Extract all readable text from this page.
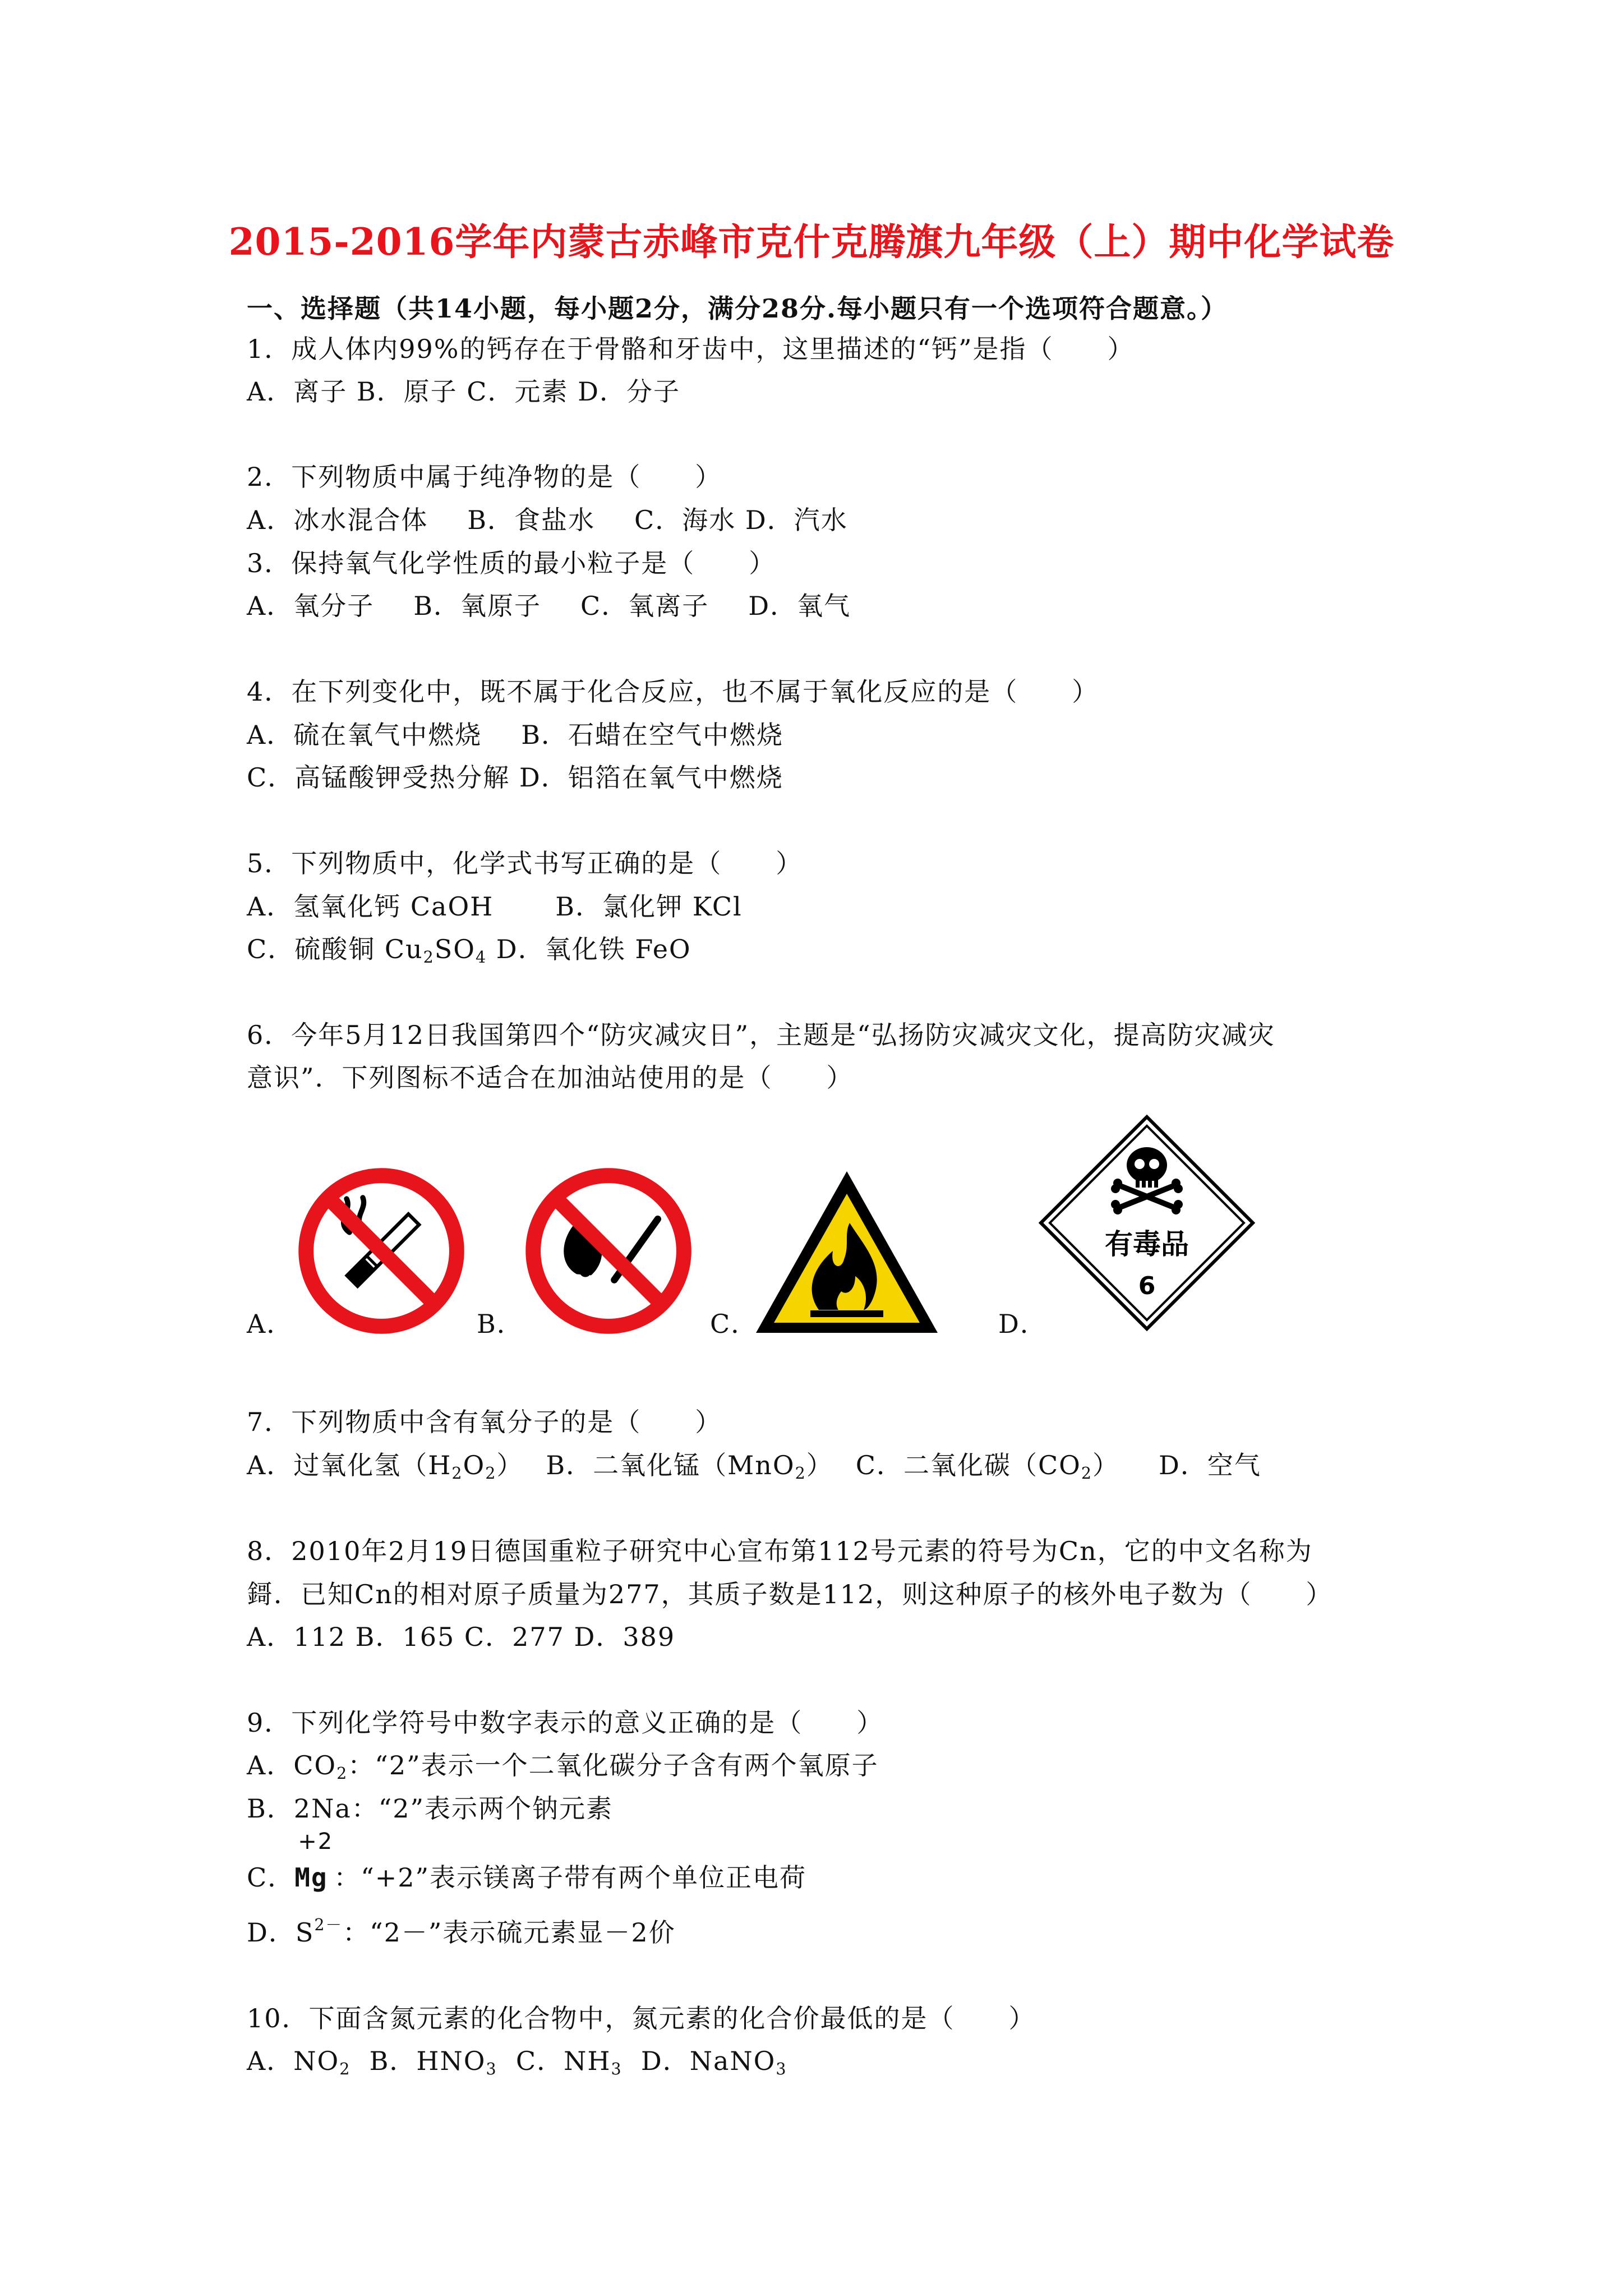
2015-2016学年内蒙古赤峰市克什克腾旗九年级（上）期中化学试卷
一、选择题（共14小题，每小题2分，满分28分.每小题只有一个选项符合题意。）
1．成人体内99%的钙存在于骨骼和牙齿中，这里描述的“钙”是指（　　）
A．离子 B．原子 C．元素 D．分子
2．下列物质中属于纯净物的是（　　）
A．冰水混合体 B．食盐水 C．海水 D．汽水
3．保持氧气化学性质的最小粒子是（　　）
A．氧分子 B．氧原子 C．氧离子 D．氧气
4．在下列变化中，既不属于化合反应，也不属于氧化反应的是（　　）
A．硫在氧气中燃烧 B．石蜡在空气中燃烧
C．高锰酸钾受热分解 D．铝箔在氧气中燃烧
5．下列物质中，化学式书写正确的是（　　）
A．氢氧化钙 CaOH B．氯化钾 KCl
C．硫酸铜 $Cu_2SO_4$ D．氧化铁 FeO
6．今年5月12日我国第四个“防灾减灾日”，主题是“弘扬防灾减灾文化，提高防灾减灾
意识”．下列图标不适合在加油站使用的是（　　）
A．	B．	C．	D．
有毒品
6
7．下列物质中含有氧分子的是（　　）
A．过氧化氢$(H_2O_2)$ B．二氧化锰（MnO$_2$） C．二氧化碳$(CO_2)$ D．空气
8．2010年2月19日德国重粒子研究中心宣布第112号元素的符号为Cn，它的中文名称为
鎶．已知Cn的相对原子质量为277，其质子数是112，则这种原子的核外电子数为（　　）
A．112 B．165 C．277 D．389
9．下列化学符号中数字表示的意义正确的是（　　）
A．$CO_2$：“2”表示一个二氧化碳分子含有两个氧原子
B．2Na：“2”表示两个钠元素
C．
+2
Mg ：“+2”表示镁离子带有两个单位正电荷
D．$S^{2-}$：“2－”表示硫元素显－2价
10．下面含氮元素的化合物中，氮元素的化合价最低的是（　　）
A．$NO_2$ B．$HNO_3$ C．$NH_3$ D．NaNO$_3$
